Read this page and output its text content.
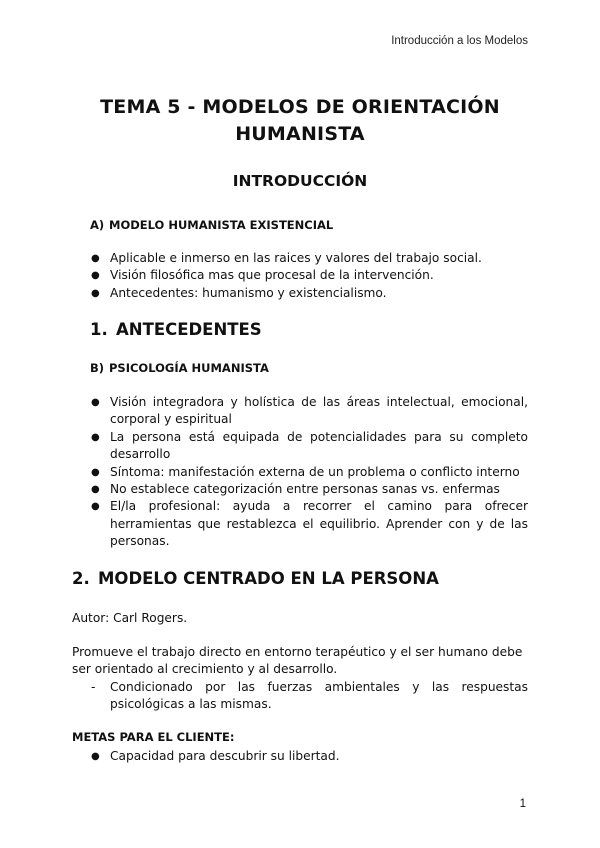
Introducción a los Modelos
TEMA 5 - MODELOS DE ORIENTACIÓN
HUMANISTA
INTRODUCCIÓN
A) MODELO HUMANISTA EXISTENCIAL
● Aplicable e inmerso en las raices y valores del trabajo social.
● Visión filosófica mas que procesal de la intervención.
● Antecedentes: humanismo y existencialismo.
1. ANTECEDENTES
B) PSICOLOGÍA HUMANISTA
● Visión integradora y holística de las áreas intelectual, emocional, corporal y espiritual
● La persona está equipada de potencialidades para su completo desarrollo
● Síntoma: manifestación externa de un problema o conflicto interno
● No establece categorización entre personas sanas vs. enfermas
● El/la profesional: ayuda a recorrer el camino para ofrecer herramientas que restablezca el equilibrio. Aprender con y de las personas.
2. MODELO CENTRADO EN LA PERSONA
Autor: Carl Rogers.
Promueve el trabajo directo en entorno terapéutico y el ser humano debe ser orientado al crecimiento y al desarrollo.
- Condicionado por las fuerzas ambientales y las respuestas psicológicas a las mismas.
METAS PARA EL CLIENTE:
● Capacidad para descubrir su libertad.
1
